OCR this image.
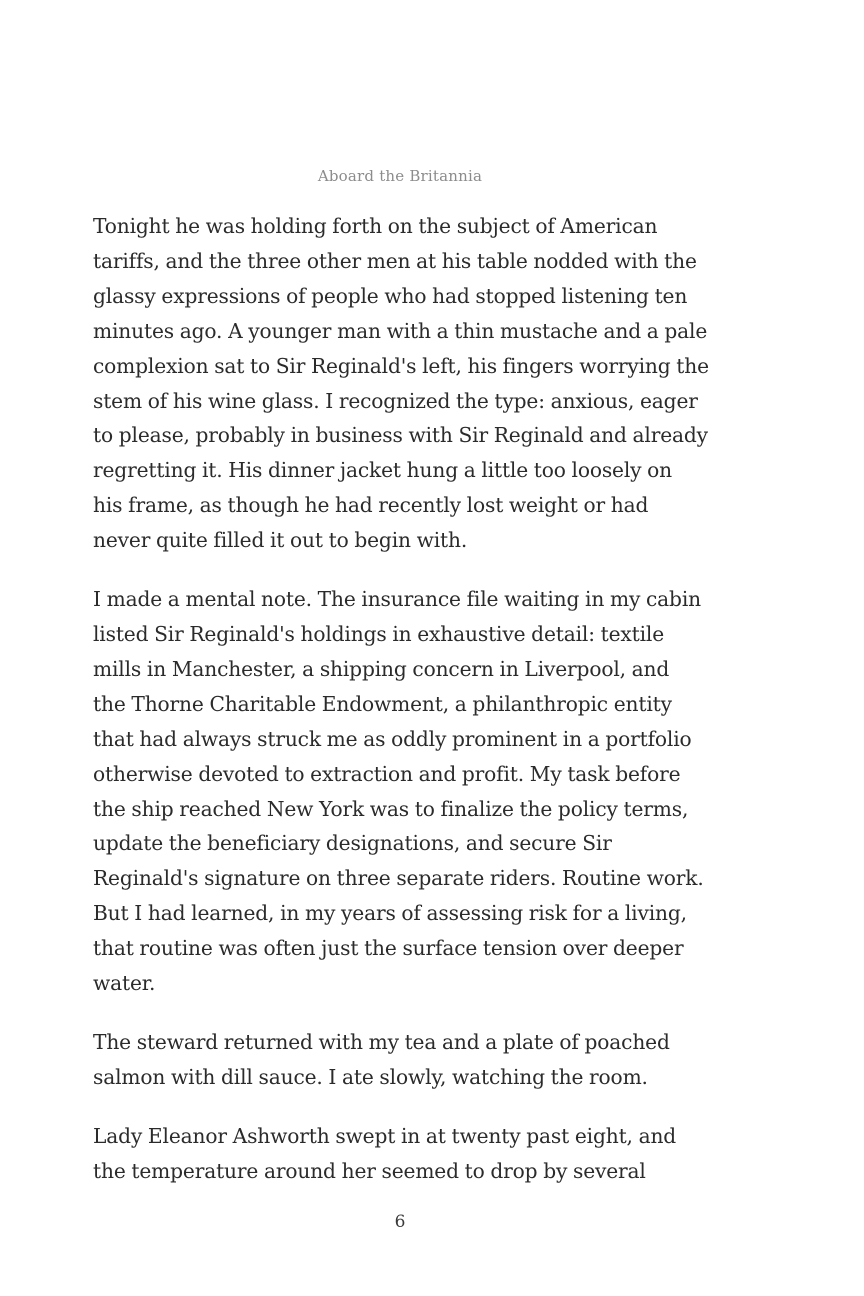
Aboard the Britannia

Tonight he was holding forth on the subject of American
tariffs, and the three other men at his table nodded with the
glassy expressions of people who had stopped listening ten
minutes ago. A younger man with a thin mustache and a pale
complexion sat to Sir Reginald's left, his fingers worrying the
stem of his wine glass. I recognized the type: anxious, eager
to please, probably in business with Sir Reginald and already
regretting it. His dinner jacket hung a little too loosely on
his frame, as though he had recently lost weight or had
never quite filled it out to begin with.

I made a mental note. The insurance file waiting in my cabin
listed Sir Reginald's holdings in exhaustive detail: textile
mills in Manchester, a shipping concern in Liverpool, and
the Thorne Charitable Endowment, a philanthropic entity
that had always struck me as oddly prominent in a portfolio
otherwise devoted to extraction and profit. My task before
the ship reached New York was to finalize the policy terms,
update the beneficiary designations, and secure Sir
Reginald's signature on three separate riders. Routine work.
But I had learned, in my years of assessing risk for a living,
that routine was often just the surface tension over deeper
water.

The steward returned with my tea and a plate of poached
salmon with dill sauce. I ate slowly, watching the room.

Lady Eleanor Ashworth swept in at twenty past eight, and
the temperature around her seemed to drop by several

6
